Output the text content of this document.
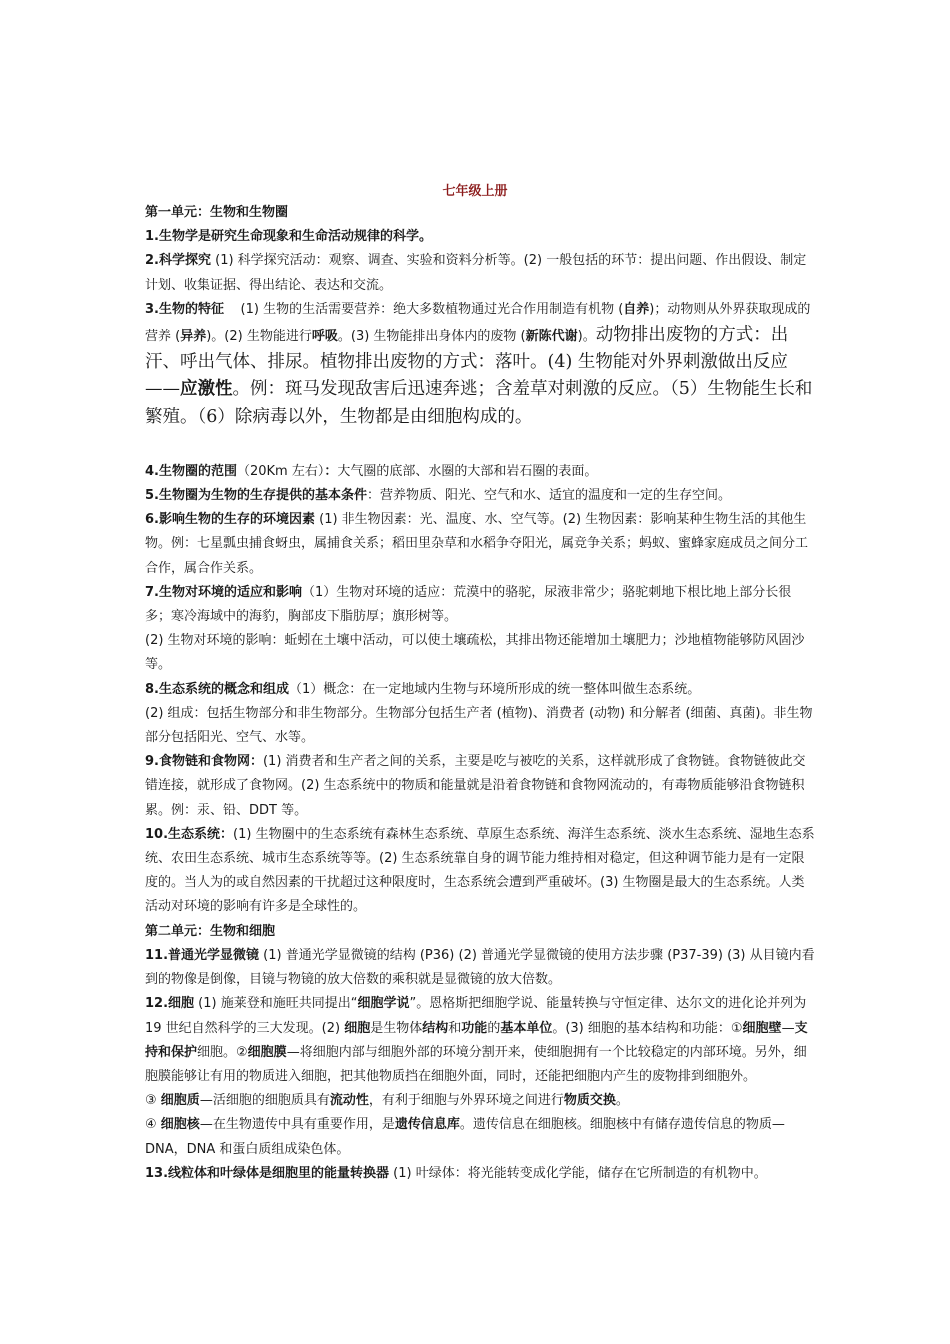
七年级上册

第一单元：生物和生物圈

1.生物学是研究生命现象和生命活动规律的科学。

2.科学探究 (1) 科学探究活动：观察、调查、实验和资料分析等。(2) 一般包括的环节：提出问题、作出假设、制定计划、收集证据、得出结论、表达和交流。

3.生物的特征 (1) 生物的生活需要营养：绝大多数植物通过光合作用制造有机物 (自养)；动物则从外界获取现成的营养 (异养)。(2) 生物能进行呼吸。(3) 生物能排出身体内的废物 (新陈代谢)。动物排出废物的方式：出汗、呼出气体、排尿。植物排出废物的方式：落叶。(4) 生物能对外界刺激做出反应——应激性。例：斑马发现敌害后迅速奔逃；含羞草对刺激的反应。（5）生物能生长和繁殖。（6）除病毒以外，生物都是由细胞构成的。

4.生物圈的范围（20Km 左右）：大气圈的底部、水圈的大部和岩石圈的表面。

5.生物圈为生物的生存提供的基本条件：营养物质、阳光、空气和水、适宜的温度和一定的生存空间。

6.影响生物的生存的环境因素 (1) 非生物因素：光、温度、水、空气等。(2) 生物因素：影响某种生物生活的其他生物。例：七星瓢虫捕食蚜虫，属捕食关系；稻田里杂草和水稻争夺阳光，属竞争关系；蚂蚁、蜜蜂家庭成员之间分工合作，属合作关系。

7.生物对环境的适应和影响（1）生物对环境的适应：荒漠中的骆驼，尿液非常少；骆驼刺地下根比地上部分长很多；寒冷海域中的海豹，胸部皮下脂肪厚；旗形树等。

(2) 生物对环境的影响：蚯蚓在土壤中活动，可以使土壤疏松，其排出物还能增加土壤肥力；沙地植物能够防风固沙等。

8.生态系统的概念和组成（1）概念：在一定地域内生物与环境所形成的统一整体叫做生态系统。

(2) 组成：包括生物部分和非生物部分。生物部分包括生产者 (植物)、消费者 (动物) 和分解者 (细菌、真菌)。非生物部分包括阳光、空气、水等。

9.食物链和食物网：(1) 消费者和生产者之间的关系，主要是吃与被吃的关系，这样就形成了食物链。食物链彼此交错连接，就形成了食物网。(2) 生态系统中的物质和能量就是沿着食物链和食物网流动的，有毒物质能够沿食物链积累。例：汞、铅、DDT 等。

10.生态系统：(1) 生物圈中的生态系统有森林生态系统、草原生态系统、海洋生态系统、淡水生态系统、湿地生态系统、农田生态系统、城市生态系统等等。(2) 生态系统靠自身的调节能力维持相对稳定，但这种调节能力是有一定限度的。当人为的或自然因素的干扰超过这种限度时，生态系统会遭到严重破坏。(3) 生物圈是最大的生态系统。人类活动对环境的影响有许多是全球性的。

第二单元：生物和细胞

11.普通光学显微镜 (1) 普通光学显微镜的结构 (P36) (2) 普通光学显微镜的使用方法步骤 (P37-39) (3) 从目镜内看到的物像是倒像，目镜与物镜的放大倍数的乘积就是显微镜的放大倍数。

12.细胞 (1) 施莱登和施旺共同提出“细胞学说”。恩格斯把细胞学说、能量转换与守恒定律、达尔文的进化论并列为 19 世纪自然科学的三大发现。(2) 细胞是生物体结构和功能的基本单位。(3) 细胞的基本结构和功能：①细胞壁—支持和保护细胞。②细胞膜—将细胞内部与细胞外部的环境分割开来，使细胞拥有一个比较稳定的内部环境。另外，细胞膜能够让有用的物质进入细胞，把其他物质挡在细胞外面，同时，还能把细胞内产生的废物排到细胞外。

③ 细胞质—活细胞的细胞质具有流动性，有利于细胞与外界环境之间进行物质交换。

④ 细胞核—在生物遗传中具有重要作用，是遗传信息库。遗传信息在细胞核。细胞核中有储存遗传信息的物质—DNA，DNA 和蛋白质组成染色体。

13.线粒体和叶绿体是细胞里的能量转换器 (1) 叶绿体：将光能转变成化学能，储存在它所制造的有机物中。
